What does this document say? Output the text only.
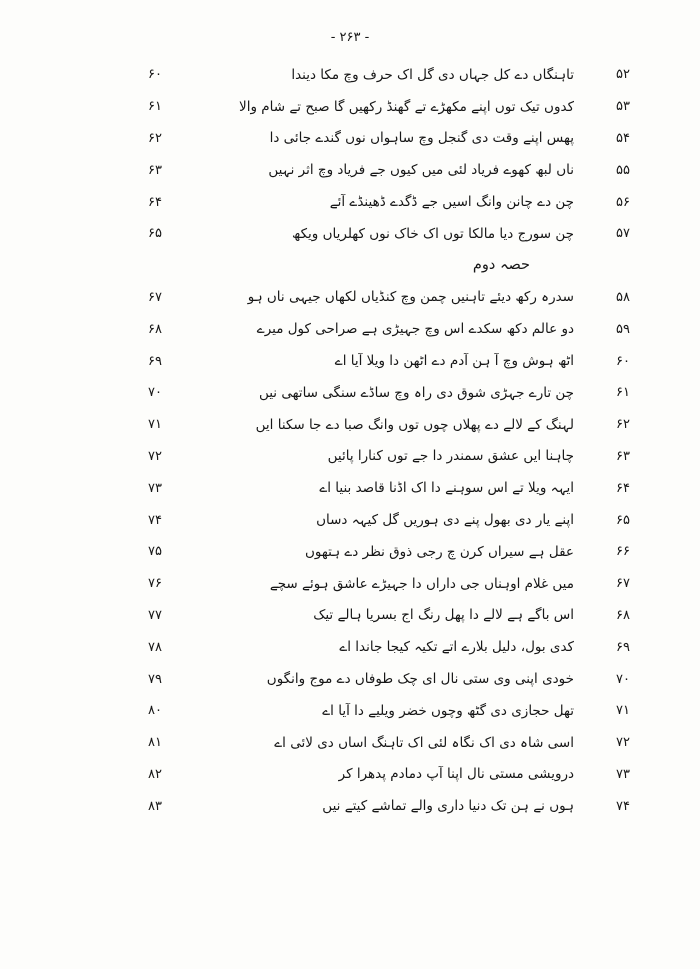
- ۲۶۳ -
۶۰	تاہنگاں دے کل جہاں دی گل اک حرف وچ مکا دیندا	۵۲
۶۱	کدوں تیک توں اپنے مکھڑے تے گھنڈ رکھیں گا صبح تے شام والا	۵۳
۶۲	پھس اپنے وقت دی گنجل وچ ساہواں نوں گندے جائی دا	۵۴
۶۳	ناں لبھ کھوے فریاد لئی میں کیوں جے فریاد وچ اثر نہیں	۵۵
۶۴	چن دے چانن وانگ اسیں جے ڈگدے ڈھینڈے آئے	۵۶
۶۵	چن سورج دیا مالکا توں اک خاک نوں کھلریاں ویکھ	۵۷
حصہ دوم
۶۷	سدرہ رکھ دیئے تاہنیں چمن وچ کنڈیاں لکھاں جیہی ناں ہو	۵۸
۶۸	دو عالم دکھ سکدے اس وچ جہیڑی ہے صراحی کول میرے	۵۹
۶۹	اٹھ ہوش وچ آ ہن آدم دے اٹھن دا ویلا آیا اے	۶۰
۷۰	چن تارے جہڑی شوق دی راہ وچ ساڈے سنگی ساتھی نیں	۶۱
۷۱	لہنگ کے لالے دے پھلاں چوں توں وانگ صبا دے جا سکنا ایں	۶۲
۷۲	چاہنا ایں عشق سمندر دا جے توں کنارا پائیں	۶۳
۷۳	ایہہ ویلا تے اس سوہنے دا اک اڈنا قاصد بنیا اے	۶۴
۷۴	اپنے یار دی بھول پنے دی ہوریں گل کیہہ دساں	۶۵
۷۵	عقل ہے سیراں کرن چ رجی ذوق نظر دے ہتھوں	۶۶
۷۶	میں غلام اوہناں جی داراں دا جہیڑے عاشق ہوئے سچے	۶۷
۷۷	اس باگے ہے لالے دا پھل رنگ اج بسریا ہالے تیک	۶۸
۷۸	کدی بول، دلیل بلارے اتے تکیہ کیجا جاندا اے	۶۹
۷۹	خودی اپنی وی ستی نال ای چک طوفاں دے موج وانگوں	۷۰
۸۰	تھل حجازی دی گٹھ وچوں خضر ویلیے دا آیا اے	۷۱
۸۱	اسی شاہ دی اک نگاہ لئی اک تاہنگ اساں دی لائی اے	۷۲
۸۲	درویشی مستی نال اپنا آپ دمادم پدھرا کر	۷۳
۸۳	ہوں نے ہن تک دنیا داری والے تماشے کیتے نیں	۷۴
